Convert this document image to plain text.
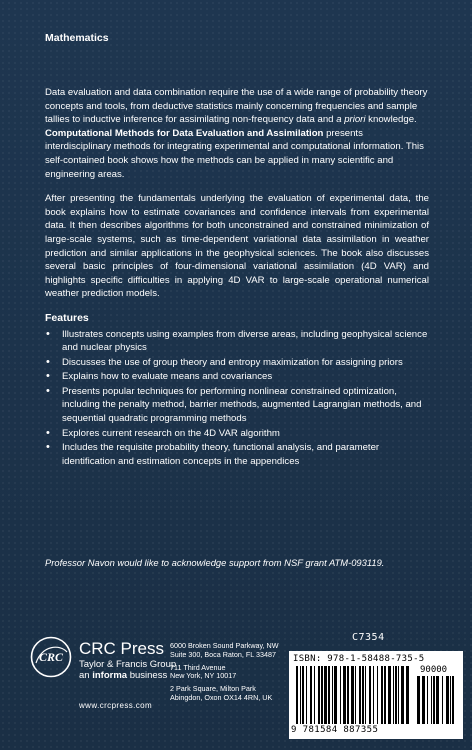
Mathematics

Data evaluation and data combination require the use of a wide range of probability theory concepts and tools, from deductive statistics mainly concerning frequencies and sample tallies to inductive inference for assimilating non-frequency data and a priori knowledge. Computational Methods for Data Evaluation and Assimilation presents interdisciplinary methods for integrating experimental and computational information. This self-contained book shows how the methods can be applied in many scientific and engineering areas.

After presenting the fundamentals underlying the evaluation of experimental data, the book explains how to estimate covariances and confidence intervals from experimental data. It then describes algorithms for both unconstrained and constrained minimization of large-scale systems, such as time-dependent variational data assimilation in weather prediction and similar applications in the geophysical sciences. The book also discusses several basic principles of four-dimensional variational assimilation (4D VAR) and highlights specific difficulties in applying 4D VAR to large-scale operational numerical weather prediction models.

Features
• Illustrates concepts using examples from diverse areas, including geophysical science and nuclear physics
• Discusses the use of group theory and entropy maximization for assigning priors
• Explains how to evaluate means and covariances
• Presents popular techniques for performing nonlinear constrained optimization, including the penalty method, barrier methods, augmented Lagrangian methods, and sequential quadratic programming methods
• Explores current research on the 4D VAR algorithm
• Includes the requisite probability theory, functional analysis, and parameter identification and estimation concepts in the appendices
Professor Navon would like to acknowledge support from NSF grant ATM-093119.
CRC CRC Press
Taylor & Francis Group
an informa business
www.crcpress.com
6000 Broken Sound Parkway, NW
Suite 300, Boca Raton, FL 33487
711 Third Avenue
New York, NY 10017
2 Park Square, Milton Park
Abingdon, Oxon OX14 4RN, UK
C7354
ISBN: 978-1-58488-735-5
90000
9 781584 887355
